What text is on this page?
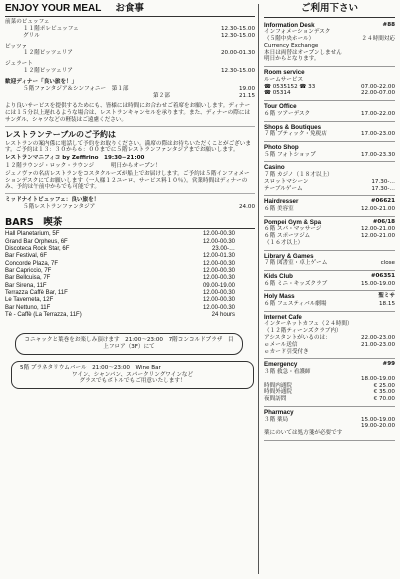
ENJOY YOUR MEAL お食事
前菜のビュッフェ
１１階ポレビュッフェ	12.30-15.00
グリル	12.30-15.00
ピッツァ
１２階ピッツェリア	20.00-01.30
ジェラート
１２階ピッツェリア	12.30-15.00
歓迎ディナー「良い旅を！」
５階ファンタジア＆シンフォニー　第１部	19.00
第２部	21.15
より良いサービスを提供するためにも、皆様には時間にお合わせご着席をお願いします。ディナーには１５分以上遅れるような場合は、レストランキャンセルを承ります。また、ディナーの際にはサンダル、シャツなどの軽装はご遠慮ください。
レストランテーブルのご予約は
レストランの案内係に電話して予約をお取りください。満席の際はお待ちいただくことがございます。ご予約は１３：３０から６：００までに５階レストランファンタジアまでお願いします。
レストランマニフィコ by Zeffirino　19:30−21:00
１２階ラウンジ・ロック・ラウンジ　　　明日からオープン！
ジェノヴァの名店レストランをコスタクルーズが船上でお届けします。ご予約は５階インフォメーションデスクにてお願いします（一人様１２ユーロ、サービス料１０％）。営業時間はディナーのみ、予約は午前中からでも可能です。
ミッドナイトビュッフェ：良い旅を！
５階レストランファンタジア	24.00
BARS　喫茶
Hall Planetarium, 5F	12.00-00.30
Grand Bar Orpheus, 6F	12.00-00.30
Discoteca Rock Star, 6F	23.00-…
Bar Festival, 6F	12.00-01.30
Concorde Plaza, 7F	12.00-00.30
Bar Capriccio, 7F	12.00-00.30
Bar Bellcuisa, 7F	12.00-00.30
Bar Sirena, 11F	09.00-19.00
Terrazza Caffè Bar, 11F	12.00-00.30
Le Taverneta, 12F	12.00-00.30
Bar Nettuno, 11F	12.00-00.30
Tè - Caffè (La Terrazza, 11F)	24 hours
コニャックと葉巻をお楽しみ頂けます　21:00〜23:00　7階コンコルドプラザ　目上フロア（3F）にて
5階 プラネタリウムバール　21:00〜23:00　Wine Bar
ワイン、シャンパン、スパークリングワインなど
グラスでもボトルでもご用意いたします！
ご利用下さい
Information Desk	#88
インフォメーションデスク
（５階中央ホール）	２４時間対応
Currency Exchange
本日は両替はオープンしません
明日からとなります。
Room service
ルームサービス
☎ 0535152 ☎ 33	07.00-22.00
☎ 05314	22.00-07.00
Tour Office
６階 ツアーデスク	17.00-22.00
Shops & Boutiques
７階 ブティック・免税店	17.00-23.00
Photo Shop
５階 フォトショップ	17.00-23.30
Casino
７階 カジノ（１８才以上）
スロットマシーン	17.30-…
テーブルゲーム	17.30-…
Hairdresser	#06621
６階 美容室	12.00-21.00
Pompei Gym & Spa	#06/18
６階 スパ・マッサージ	12.00-21.00
６階 スポーツジム	12.00-21.00
（１６才以上）
Library & Games
７階 図書室・卓上ゲーム	close
Kids Club	#06351
６階 ミニ・キッズクラブ	15.00-19.00
Holy Mass	聖ミサ
６階 フェスティバル劇場	18.15
Internet Cafe
インターネットカフェ（２４時間）
（１２階ティーンズクラブ内）
アシスタントがいるのは：	22.00-23.00
ｅメール送信	21.00-23.00
ｅカード引受付き
Emergency	#99
３階 救急・看護師
18.00-19.00
時間内通院	€ 25.00
時間外通院	€ 35.00
夜間訪問	€ 70.00
Pharmacy
３階 薬局	15.00-19.00
19.00-20.00
薬にのいては処方箋が必要です
